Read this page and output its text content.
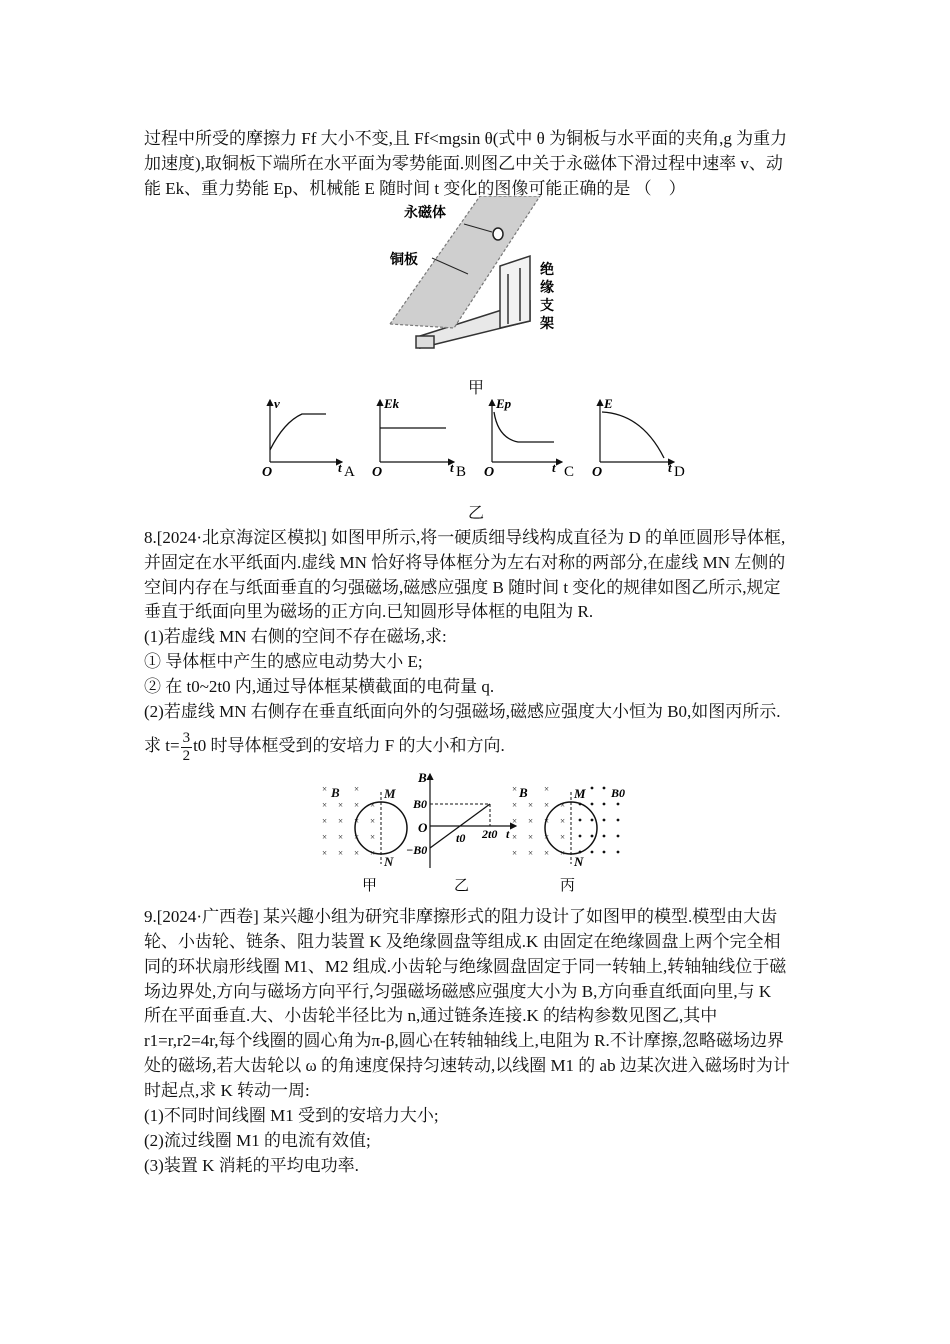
过程中所受的摩擦力 Ff 大小不变,且 Ff<mgsin θ(式中 θ 为铜板与水平面的夹角,g 为重力
加速度),取铜板下端所在水平面为零势能面.则图乙中关于永磁体下滑过程中速率 v、动
能 Ek、重力势能 Ep、机械能 E 随时间 t 变化的图像可能正确的是 （　）
永磁体
铜板
绝
缘
支
架
甲
v
O	t A
Ek
O	t B
Ep
O	t C
E
O	t D
乙
8.[2024·北京海淀区模拟] 如图甲所示,将一硬质细导线构成直径为 D 的单匝圆形导体框,
并固定在水平纸面内.虚线 MN 恰好将导体框分为左右对称的两部分,在虚线 MN 左侧的
空间内存在与纸面垂直的匀强磁场,磁感应强度 B 随时间 t 变化的规律如图乙所示,规定
垂直于纸面向里为磁场的正方向.已知圆形导体框的电阻为 R.
(1)若虚线 MN 右侧的空间不存在磁场,求:
① 导体框中产生的感应电动势大小 E;
② 在 t0~2t0 内,通过导体框某横截面的电荷量 q.
(2)若虚线 MN 右侧存在垂直纸面向外的匀强磁场,磁感应强度大小恒为 B0,如图丙所示.
求 $t= \frac{3}{2} t0$ 时导体框受到的安培力 F 的大小和方向.
× × × ×
× × × ×
× × × ×
× × × ×
×	×
B	M
N
B
B0
O
−B0
t0 2t0 t
× × × ×
× × × ×
× × × ×
× × × ×
×	×
B	B0
M
N
甲	乙	丙
9.[2024·广西卷] 某兴趣小组为研究非摩擦形式的阻力设计了如图甲的模型.模型由大齿
轮、小齿轮、链条、阻力装置 K 及绝缘圆盘等组成.K 由固定在绝缘圆盘上两个完全相
同的环状扇形线圈 M1、M2 组成.小齿轮与绝缘圆盘固定于同一转轴上,转轴轴线位于磁
场边界处,方向与磁场方向平行,匀强磁场磁感应强度大小为 B,方向垂直纸面向里,与 K
所在平面垂直.大、小齿轮半径比为 n,通过链条连接.K 的结构参数见图乙,其中
r1=r,r2=4r,每个线圈的圆心角为π-β,圆心在转轴轴线上,电阻为 R.不计摩擦,忽略磁场边界
处的磁场,若大齿轮以 ω 的角速度保持匀速转动,以线圈 M1 的 ab 边某次进入磁场时为计
时起点,求 K 转动一周:
(1)不同时间线圈 M1 受到的安培力大小;
(2)流过线圈 M1 的电流有效值;
(3)装置 K 消耗的平均电功率.
